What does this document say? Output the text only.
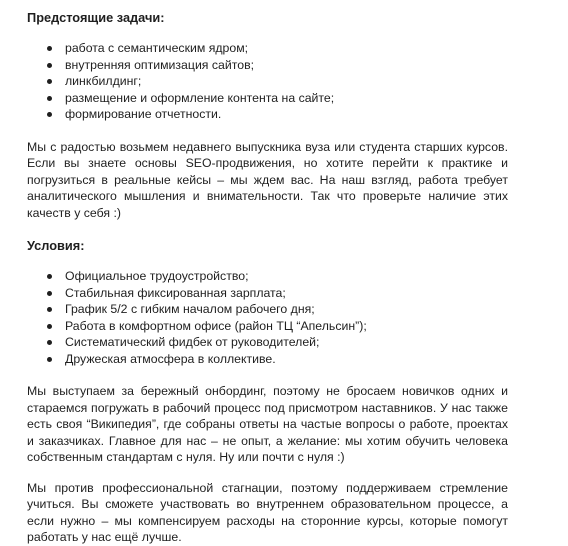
Предстоящие задачи:
работа с семантическим ядром;
внутренняя оптимизация сайтов;
линкбилдинг;
размещение и оформление контента на сайте;
формирование отчетности.

Мы с радостью возьмем недавнего выпускника вуза или студента старших курсов. Если вы знаете основы SEO-продвижения, но хотите перейти к практике и погрузиться в реальные кейсы – мы ждем вас. На наш взгляд, работа требует аналитического мышления и внимательности. Так что проверьте наличие этих качеств у себя :)

Условия:
Официальное трудоустройство;
Стабильная фиксированная зарплата;
График 5/2 с гибким началом рабочего дня;
Работа в комфортном офисе (район ТЦ “Апельсин”);
Систематический фидбек от руководителей;
Дружеская атмосфера в коллективе.

Мы выступаем за бережный онбординг, поэтому не бросаем новичков одних и стараемся погружать в рабочий процесс под присмотром наставников. У нас также есть своя “Википедия”, где собраны ответы на частые вопросы о работе, проектах и заказчиках. Главное для нас – не опыт, а желание: мы хотим обучить человека собственным стандартам с нуля. Ну или почти с нуля :)

Мы против профессиональной стагнации, поэтому поддерживаем стремление учиться. Вы сможете участвовать во внутреннем образовательном процессе, а если нужно – мы компенсируем расходы на сторонние курсы, которые помогут работать у нас ещё лучше.
